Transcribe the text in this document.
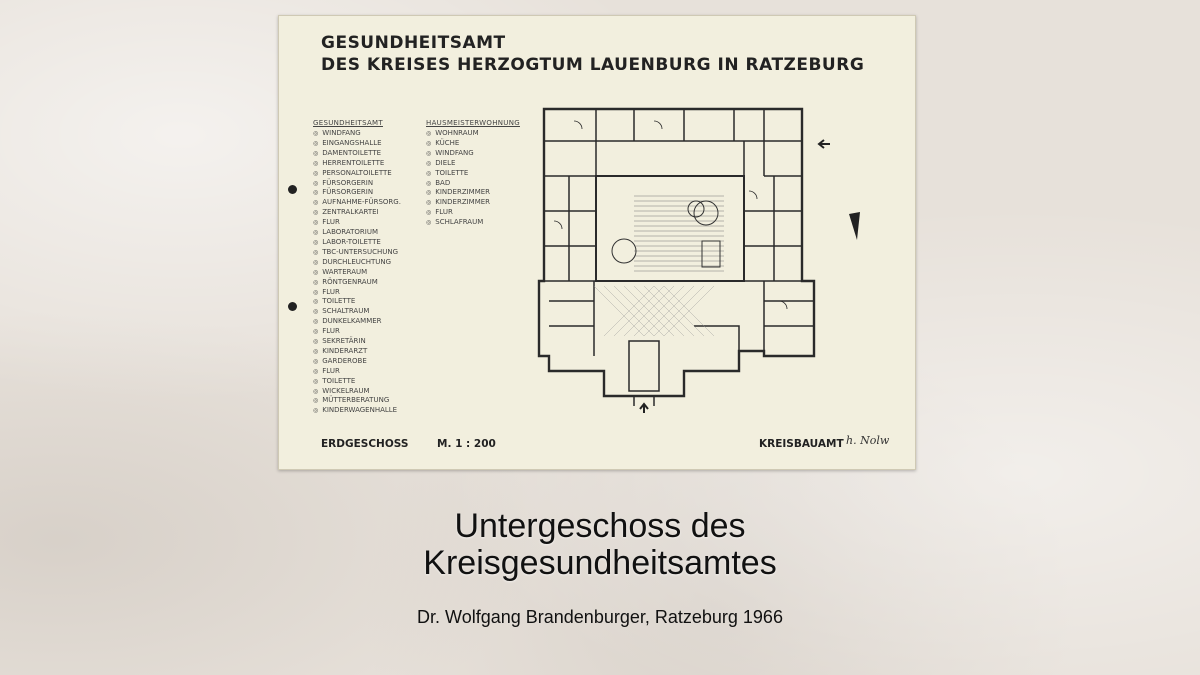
GESUNDHEITSAMT
DES KREISES HERZOGTUM LAUENBURG IN RATZEBURG
GESUNDHEITSAMT
◎ WINDFANG
◎ EINGANGSHALLE
◎ DAMENTOILETTE
◎ HERRENTOILETTE
◎ PERSONALTOILETTE
◎ FÜRSORGERIN
◎ FÜRSORGERIN
◎ AUFNAHME-FÜRSORG.
◎ ZENTRALKARTEI
◎ FLUR
◎ LABORATORIUM
◎ LABOR-TOILETTE
◎ TBC-UNTERSUCHUNG
◎ DURCHLEUCHTUNG
◎ WARTERAUM
◎ RÖNTGENRAUM
◎ FLUR
◎ TOILETTE
◎ SCHALTRAUM
◎ DUNKELKAMMER
◎ FLUR
◎ SEKRETÄRIN
◎ KINDERARZT
◎ GARDEROBE
◎ FLUR
◎ TOILETTE
◎ WICKELRAUM
◎ MÜTTERBERATUNG
◎ KINDERWAGENHALLE
HAUSMEISTERWOHNUNG
◎ WOHNRAUM
◎ KÜCHE
◎ WINDFANG
◎ DIELE
◎ TOILETTE
◎ BAD
◎ KINDERZIMMER
◎ KINDERZIMMER
◎ FLUR
◎ SCHLAFRAUM
ERDGESCHOSS	M. 1 : 200	KREISBAUAMT h. Nolw
Untergeschoss des
Kreisgesundheitsamtes
Dr. Wolfgang Brandenburger, Ratzeburg 1966
